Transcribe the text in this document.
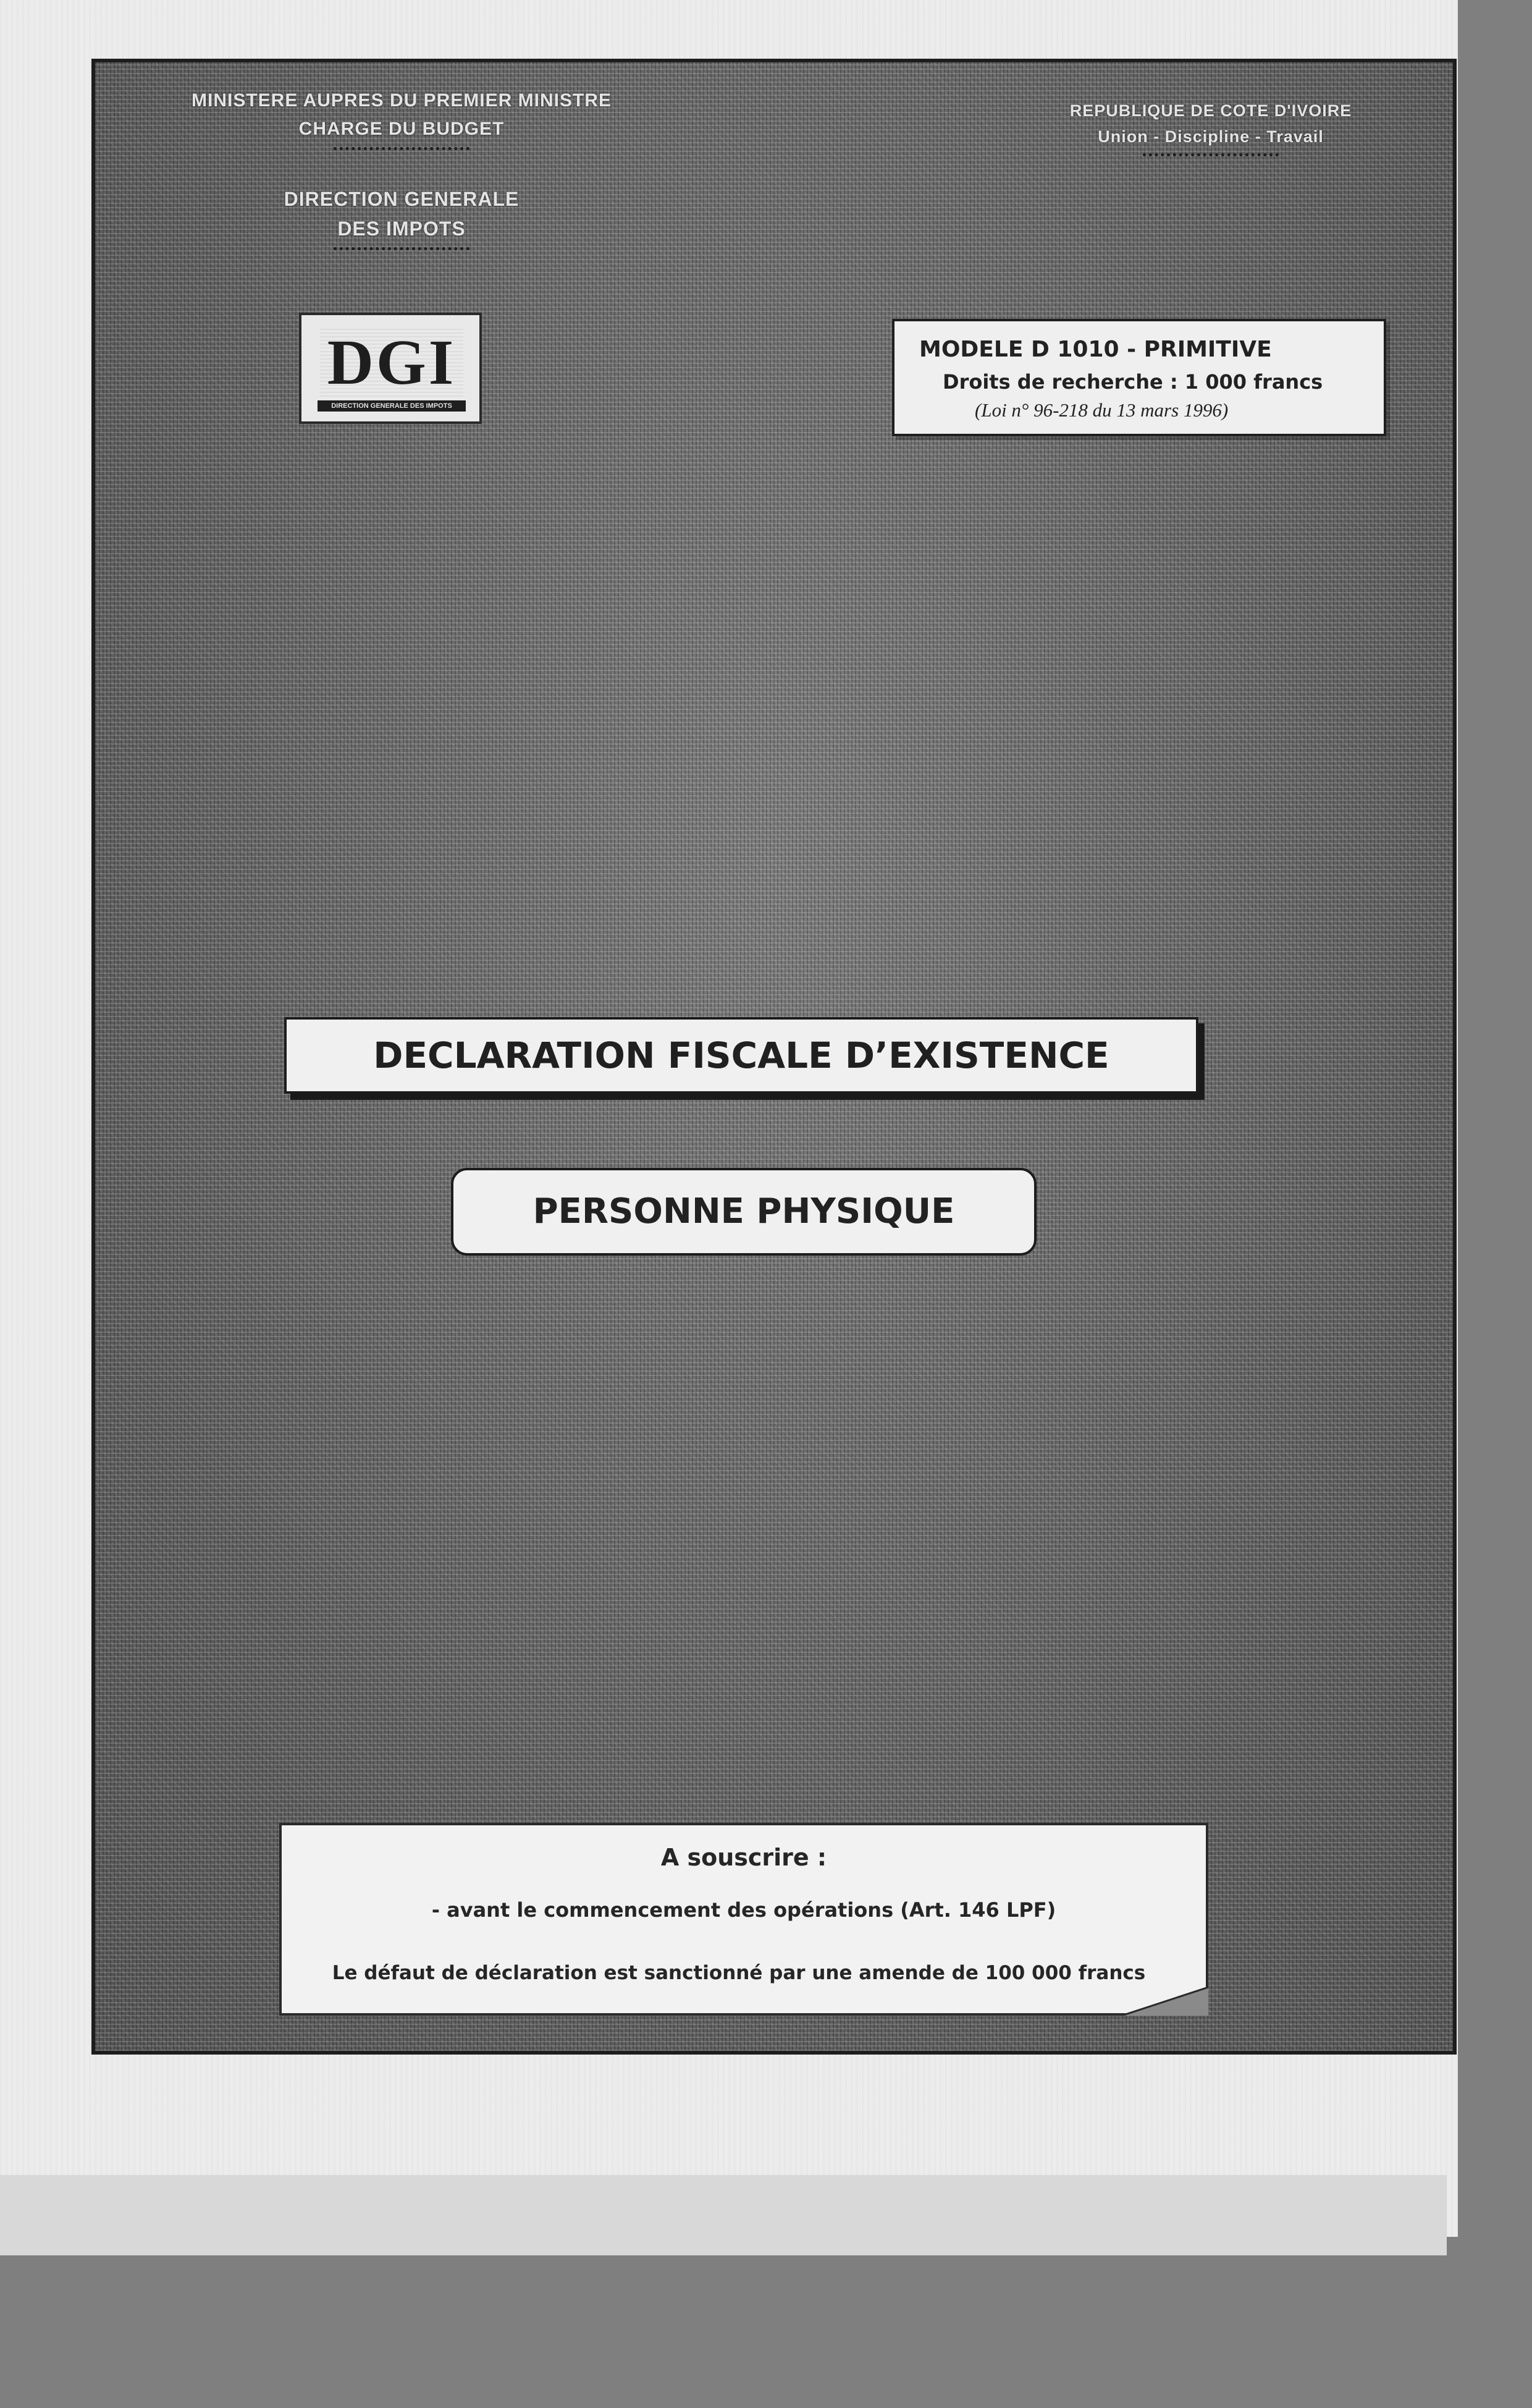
MINISTERE AUPRES DU PREMIER MINISTRE
CHARGE DU BUDGET
DIRECTION GENERALE
DES IMPOTS
REPUBLIQUE DE COTE D'IVOIRE
Union - Discipline - Travail
DGI
DIRECTION GENERALE DES IMPOTS
MODELE D 1010 - PRIMITIVE
Droits de recherche : 1 000 francs
(Loi n° 96-218 du 13 mars 1996)
DECLARATION FISCALE D’EXISTENCE
PERSONNE PHYSIQUE
A souscrire :
- avant le commencement des opérations (Art. 146 LPF)
Le défaut de déclaration est sanctionné par une amende de 100 000 francs
